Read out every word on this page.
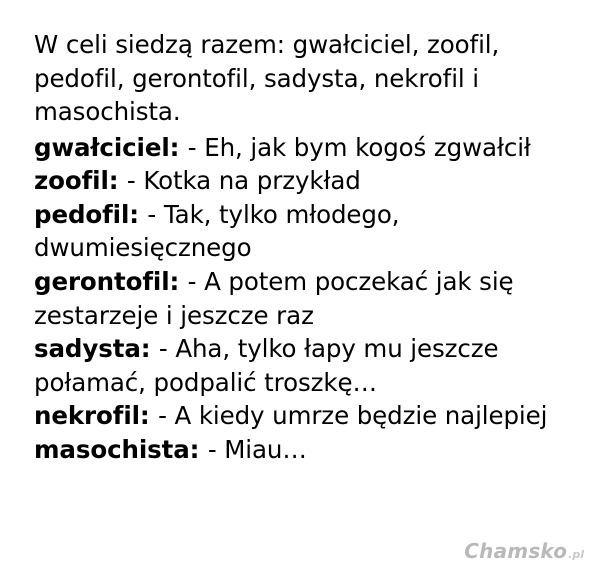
W celi siedzą razem: gwałciciel, zoofil, pedofil, gerontofil, sadysta, nekrofil i masochista.

gwałciciel: - Eh, jak bym kogoś zgwałcił

zoofil: - Kotka na przykład

pedofil: - Tak, tylko młodego, dwumiesięcznego

gerontofil: - A potem poczekać jak się zestarzeje i jeszcze raz

sadysta: - Aha, tylko łapy mu jeszcze połamać, podpalić troszkę…

nekrofil: - A kiedy umrze będzie najlepiej

masochista: - Miau…

Chamsko .pl
